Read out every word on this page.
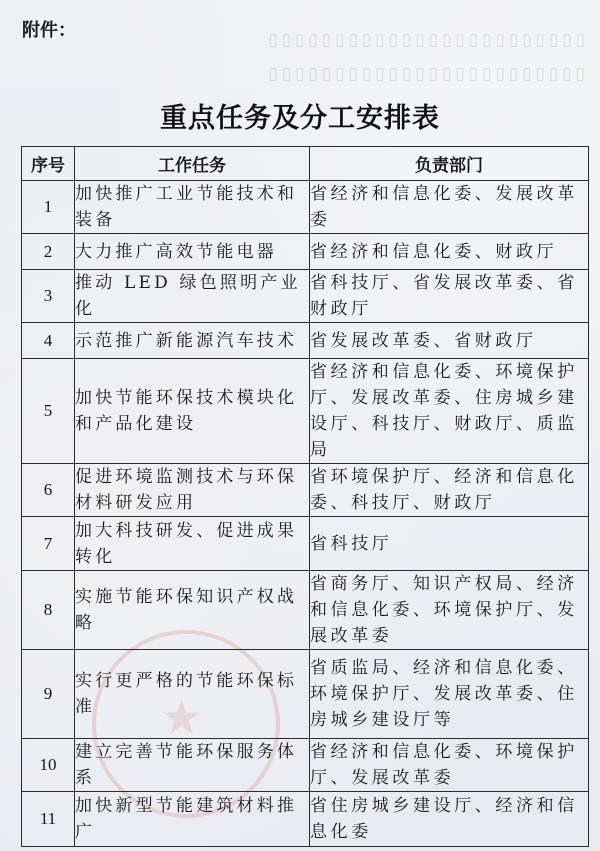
▯▯▯▯▯▯▯▯▯▯▯▯▯▯▯▯▯▯▯▯▯▯▯▯
▯▯▯▯▯▯▯▯▯▯▯▯▯▯▯▯▯▯▯▯▯▯▯▯
★
附件：
重点任务及分工安排表
序号	工作任务	负责部门
1	加快推广工业节能技术和装备	省经济和信息化委、发展改革委
2	大力推广高效节能电器	省经济和信息化委、财政厅
3	推动 LED 绿色照明产业化	省科技厅、省发展改革委、省财政厅
4	示范推广新能源汽车技术	省发展改革委、省财政厅
5	加快节能环保技术模块化和产品化建设	省经济和信息化委、环境保护厅、发展改革委、住房城乡建设厅、科技厅、财政厅、质监局
6	促进环境监测技术与环保材料研发应用	省环境保护厅、经济和信息化委、科技厅、财政厅
7	加大科技研发、促进成果转化	省科技厅
8	实施节能环保知识产权战略	省商务厅、知识产权局、经济和信息化委、环境保护厅、发展改革委
9	实行更严格的节能环保标准	省质监局、经济和信息化委、环境保护厅、发展改革委、住房城乡建设厅等
10	建立完善节能环保服务体系	省经济和信息化委、环境保护厅、发展改革委
11	加快新型节能建筑材料推广	省住房城乡建设厅、经济和信息化委
